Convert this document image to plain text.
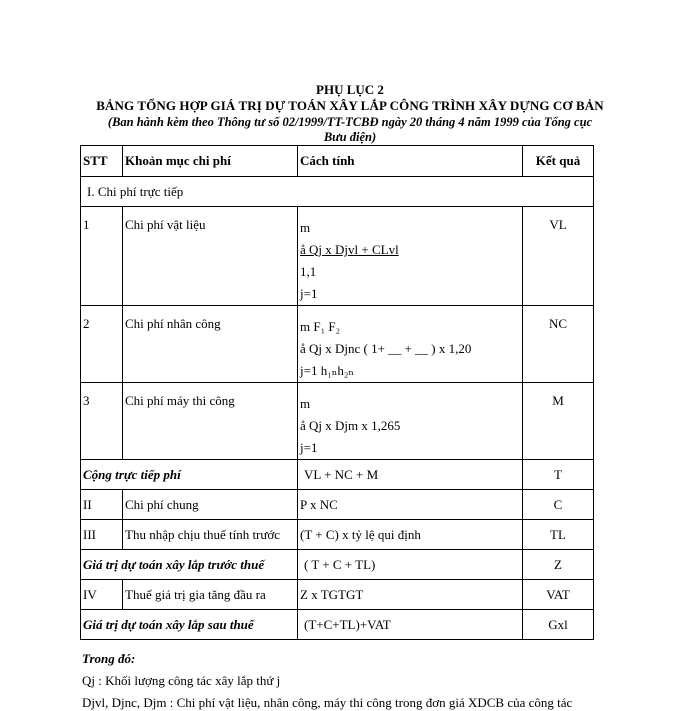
PHỤ LỤC 2
BẢNG TỔNG HỢP GIÁ TRỊ DỰ TOÁN XÂY LẮP CÔNG TRÌNH XÂY DỰNG CƠ BẢN
(Ban hành kèm theo Thông tư số 02/1999/TT-TCBĐ ngày 20 tháng 4 năm 1999 của Tổng cục
Bưu điện)
STT	Khoản mục chi phí	Cách tính	Kết quả
I. Chi phí trực tiếp			
1	Chi phí vật liệu	m
å Qj x Djvl + CLvl
1,1
j=1	VL
2	Chi phí nhân công	m F₁ F₂
å Qj x Djnc ( 1+ __ + __ ) x 1,20
j=1 h₁ₙh₂ₙ	NC
3	Chi phí máy thi công	m
å Qj x Djm x 1,265
j=1	M
Cộng trực tiếp phí		VL + NC + M	T
II	Chi phí chung	P x NC	C
III	Thu nhập chịu thuế tính trước	(T + C) x tỷ lệ qui định	TL
Giá trị dự toán xây lắp trước thuế		( T + C + TL)	Z
IV	Thuế giá trị gia tăng đầu ra	Z x TGTGT	VAT
Giá trị dự toán xây lắp sau thuế		(T+C+TL)+VAT	Gxl
Trong đó:
Qj : Khối lượng công tác xây lắp thứ j
Djvl, Djnc, Djm : Chi phí vật liệu, nhân công, máy thi công trong đơn giá XDCB của công tác
